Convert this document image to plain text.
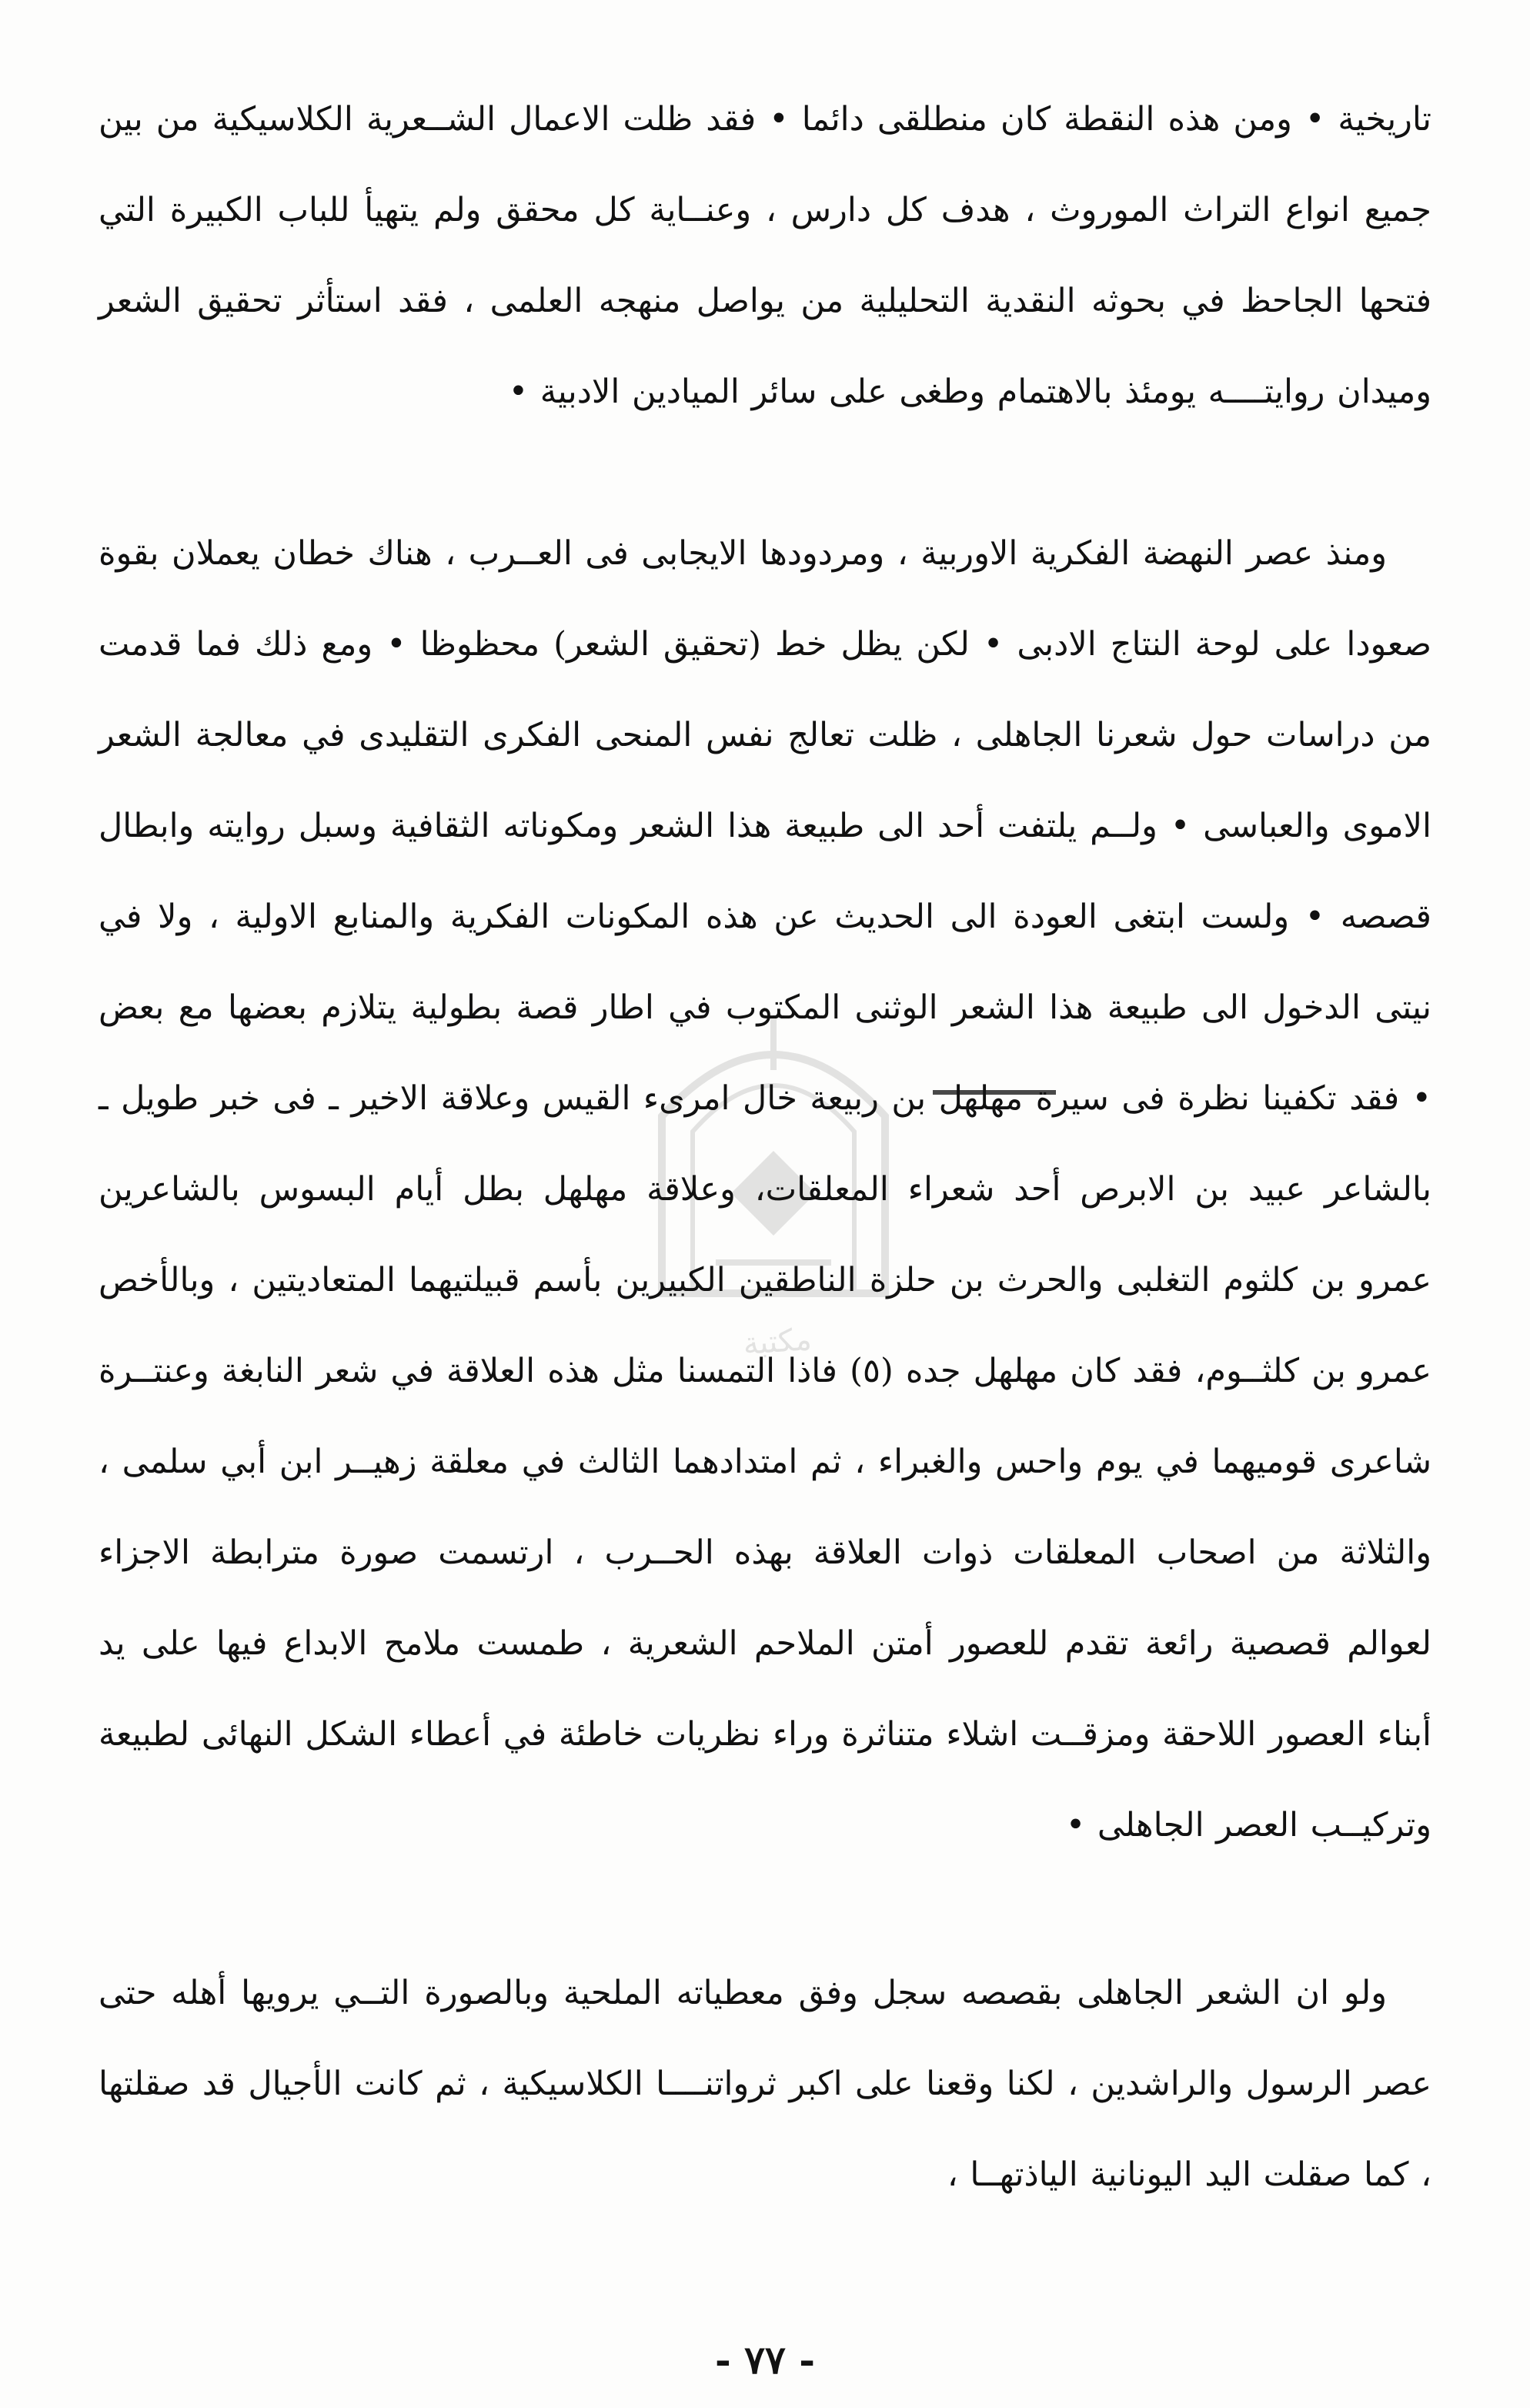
مكتبة

تاريخية • ومن هذه النقطة كان منطلقى دائما • فقد ظلت الاعمال الشــعرية الكلاسيكية من بين جميع انواع التراث الموروث ، هدف كل دارس ، وعنــاية كل محقق ولم يتهيأ للباب الكبيرة التي فتحها الجاحظ في بحوثه النقدية التحليلية من يواصل منهجه العلمى ، فقد استأثر تحقيق الشعر وميدان روايتــــه يومئذ بالاهتمام وطغى على سائر الميادين الادبية •

ومنذ عصر النهضة الفكرية الاوربية ، ومردودها الايجابى فى العــرب ، هناك خطان يعملان بقوة صعودا على لوحة النتاج الادبى • لكن يظل خط (تحقيق الشعر) محظوظا • ومع ذلك فما قدمت من دراسات حول شعرنا الجاهلى ، ظلت تعالج نفس المنحى الفكرى التقليدى في معالجة الشعر الاموى والعباسى • ولــم يلتفت أحد الى طبيعة هذا الشعر ومكوناته الثقافية وسبل روايته وابطال قصصه • ولست ابتغى العودة الى الحديث عن هذه المكونات الفكرية والمنابع الاولية ، ولا في نيتى الدخول الى طبيعة هذا الشعر الوثنى المكتوب في اطار قصة بطولية يتلازم بعضها مع بعض • فقد تكفينا نظرة فى سيرة مهلهل بن ربيعة خال امرىء القيس وعلاقة الاخير ـ فى خبر طويل ـ بالشاعر عبيد بن الابرص أحد شعراء المعلقات، وعلاقة مهلهل بطل أيام البسوس بالشاعرين عمرو بن كلثوم التغلبى والحرث بن حلزة الناطقين الكبيرين بأسم قبيلتيهما المتعاديتين ، وبالأخص عمرو بن كلثــوم، فقد كان مهلهل جده (٥) فاذا التمسنا مثل هذه العلاقة في شعر النابغة وعنتــرة شاعرى قوميهما في يوم واحس والغبراء ، ثم امتدادهما الثالث في معلقة زهيــر ابن أبي سلمى ، والثلاثة من اصحاب المعلقات ذوات العلاقة بهذه الحــرب ، ارتسمت صورة مترابطة الاجزاء لعوالم قصصية رائعة تقدم للعصور أمتن الملاحم الشعرية ، طمست ملامح الابداع فيها على يد أبناء العصور اللاحقة ومزقــت اشلاء متناثرة وراء نظريات خاطئة في أعطاء الشكل النهائى لطبيعة وتركيــب العصر الجاهلى •

ولو ان الشعر الجاهلى بقصصه سجل وفق معطياته الملحية وبالصورة التــي يرويها أهله حتى عصر الرسول والراشدين ، لكنا وقعنا على اكبر ثرواتنــــا الكلاسيكية ، ثم كانت الأجيال قد صقلتها ، كما صقلت اليد اليونانية الياذتهــا ،

- ٧٧ -
